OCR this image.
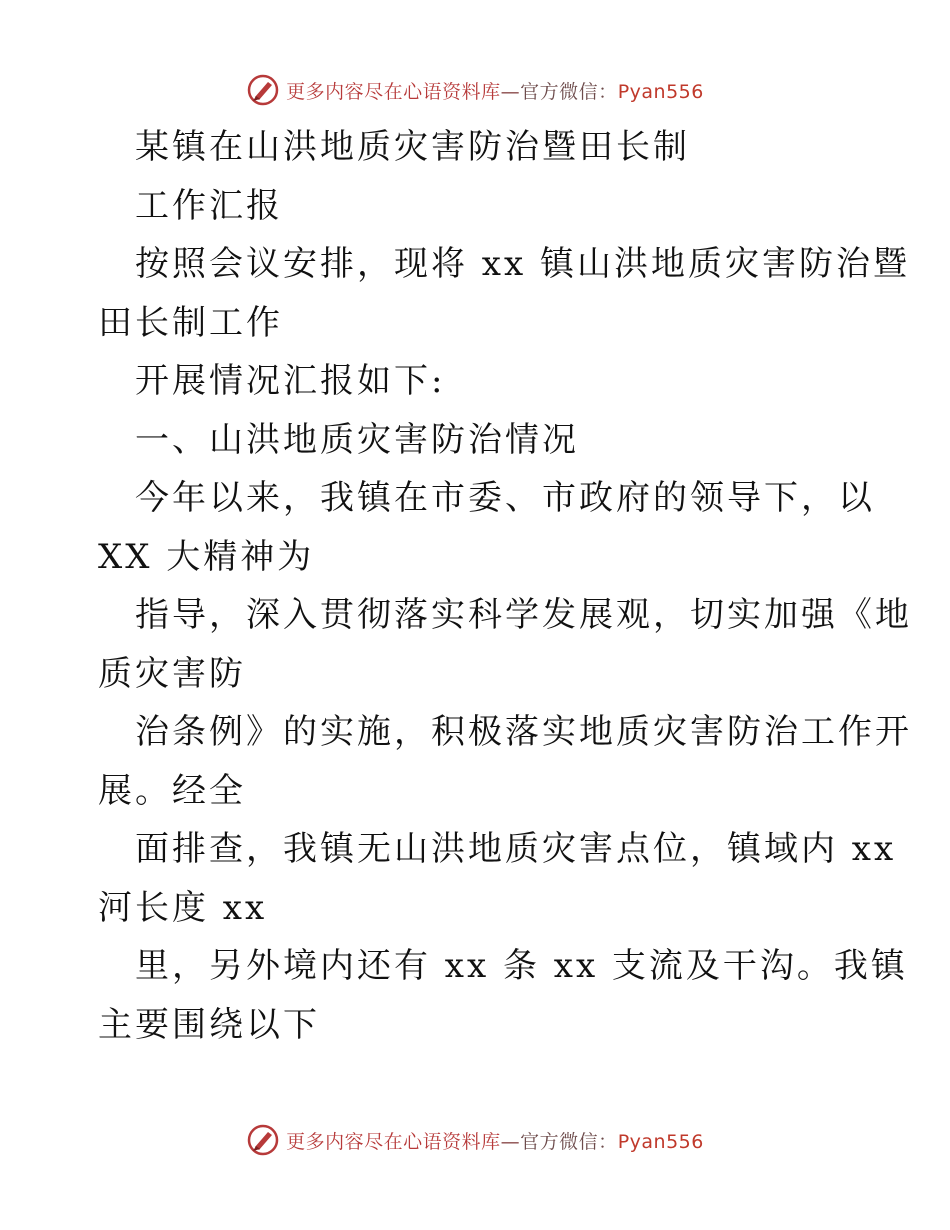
更多内容尽在心语资料库—官方微信：Pyan556
某镇在山洪地质灾害防治暨田长制
工作汇报
按照会议安排，现将 xx 镇山洪地质灾害防治暨
田长制工作
开展情况汇报如下:
一、山洪地质灾害防治情况
今年以来，我镇在市委、市政府的领导下，以
XX 大精神为
指导，深入贯彻落实科学发展观，切实加强《地
质灾害防
治条例》的实施，积极落实地质灾害防治工作开
展。经全
面排查，我镇无山洪地质灾害点位，镇域内 xx
河长度 xx
里，另外境内还有 xx 条 xx 支流及干沟。我镇
主要围绕以下
更多内容尽在心语资料库—官方微信：Pyan556
